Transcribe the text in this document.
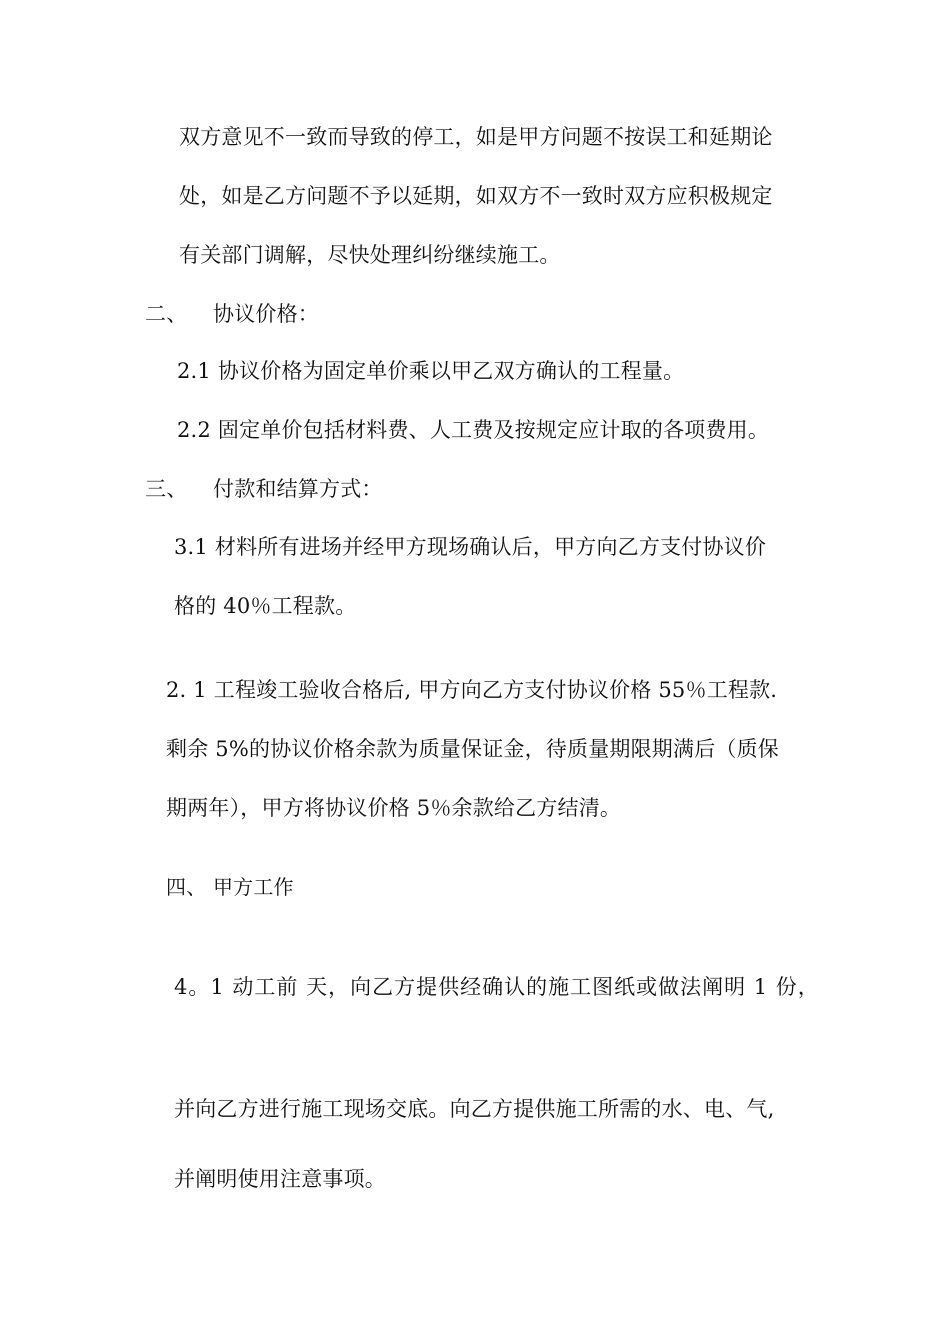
双方意见不一致而导致的停工，如是甲方问题不按误工和延期论
处，如是乙方问题不予以延期，如双方不一致时双方应积极规定
有关部门调解，尽快处理纠纷继续施工。
二、 协议价格：
2.1 协议价格为固定单价乘以甲乙双方确认的工程量。
2.2 固定单价包括材料费、人工费及按规定应计取的各项费用。
三、 付款和结算方式：
3.1 材料所有进场并经甲方现场确认后，甲方向乙方支付协议价
格的 40％工程款。
2. 1 工程竣工验收合格后, 甲方向乙方支付协议价格 55％工程款.
剩余 5%的协议价格余款为质量保证金，待质量期限期满后（质保
期两年），甲方将协议价格 5％余款给乙方结清。
四、 甲方工作
4。1 动工前 天，向乙方提供经确认的施工图纸或做法阐明 1 份，
并向乙方进行施工现场交底。向乙方提供施工所需的水、电、气,
并阐明使用注意事项。
